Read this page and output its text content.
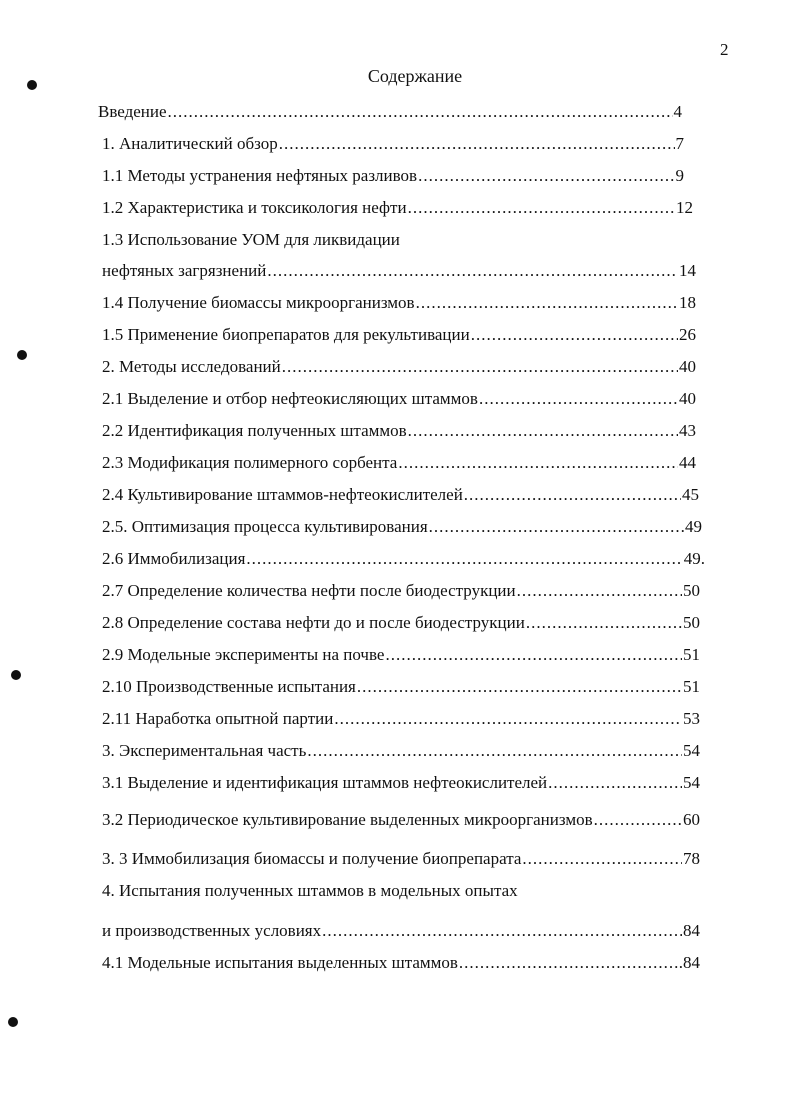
2
Содержание
Введение .....	4
1. Аналитический обзор .....	7
1.1 Методы устранения нефтяных разливов .....	9
1.2 Характеристика и токсикология нефти .....	12
1.3 Использование УОМ для ликвидации
нефтяных загрязнений .....	14
1.4 Получение биомассы микроорганизмов .....	18
1.5 Применение биопрепаратов для рекультивации .....	26
2. Методы исследований .....	40
2.1 Выделение и отбор нефтеокисляющих штаммов .....	40
2.2 Идентификация полученных штаммов .....	43
2.3 Модификация полимерного сорбента .....	44
2.4 Культивирование штаммов-нефтеокислителей .....	45
2.5. Оптимизация процесса культивирования .....	49
2.6 Иммобилизация .....	49.
2.7 Определение количества нефти после биодеструкции .....	50
2.8 Определение состава нефти до и после биодеструкции .....	50
2.9 Модельные эксперименты на почве .....	51
2.10 Производственные испытания .....	51
2.11 Наработка опытной партии .....	53
3. Экспериментальная часть .....	54
3.1 Выделение и идентификация штаммов нефтеокислителей .....	54
3.2 Периодическое культивирование выделенных микроорганизмов .....	60
3. 3 Иммобилизация биомассы и получение биопрепарата .....	78
4. Испытания полученных штаммов в модельных опытах
и производственных условиях .....	84
4.1 Модельные испытания выделенных штаммов .....	.84
